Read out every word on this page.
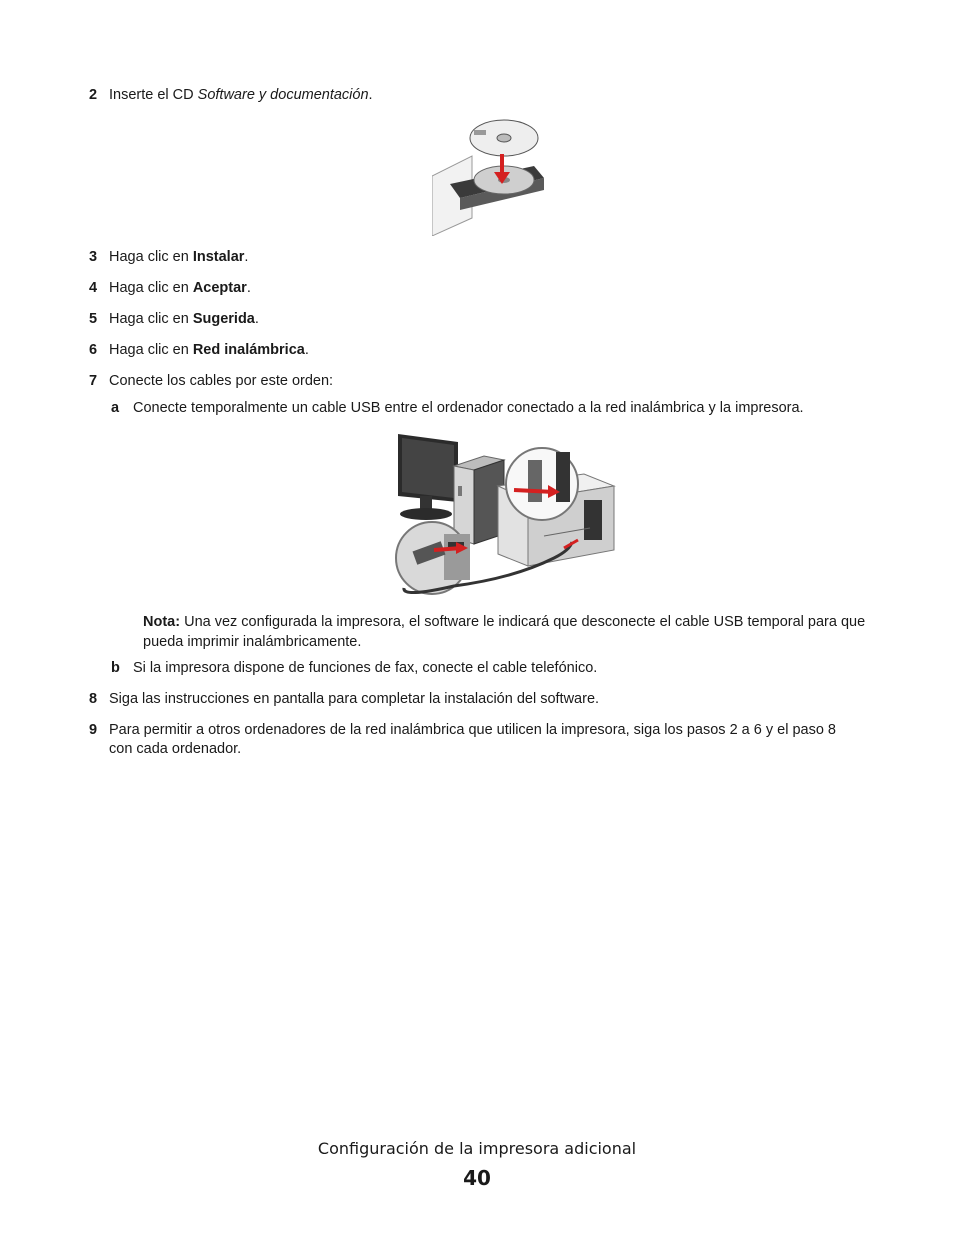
2 Inserte el CD Software y documentación.
3 Haga clic en Instalar.
4 Haga clic en Aceptar.
5 Haga clic en Sugerida.
6 Haga clic en Red inalámbrica.
7 Conecte los cables por este orden:
a Conecte temporalmente un cable USB entre el ordenador conectado a la red inalámbrica y la impresora.
Nota: Una vez configurada la impresora, el software le indicará que desconecte el cable USB temporal para que pueda imprimir inalámbricamente.
b Si la impresora dispone de funciones de fax, conecte el cable telefónico.
8 Siga las instrucciones en pantalla para completar la instalación del software.
9 Para permitir a otros ordenadores de la red inalámbrica que utilicen la impresora, siga los pasos 2 a 6 y el paso 8
con cada ordenador.
Configuración de la impresora adicional
40
